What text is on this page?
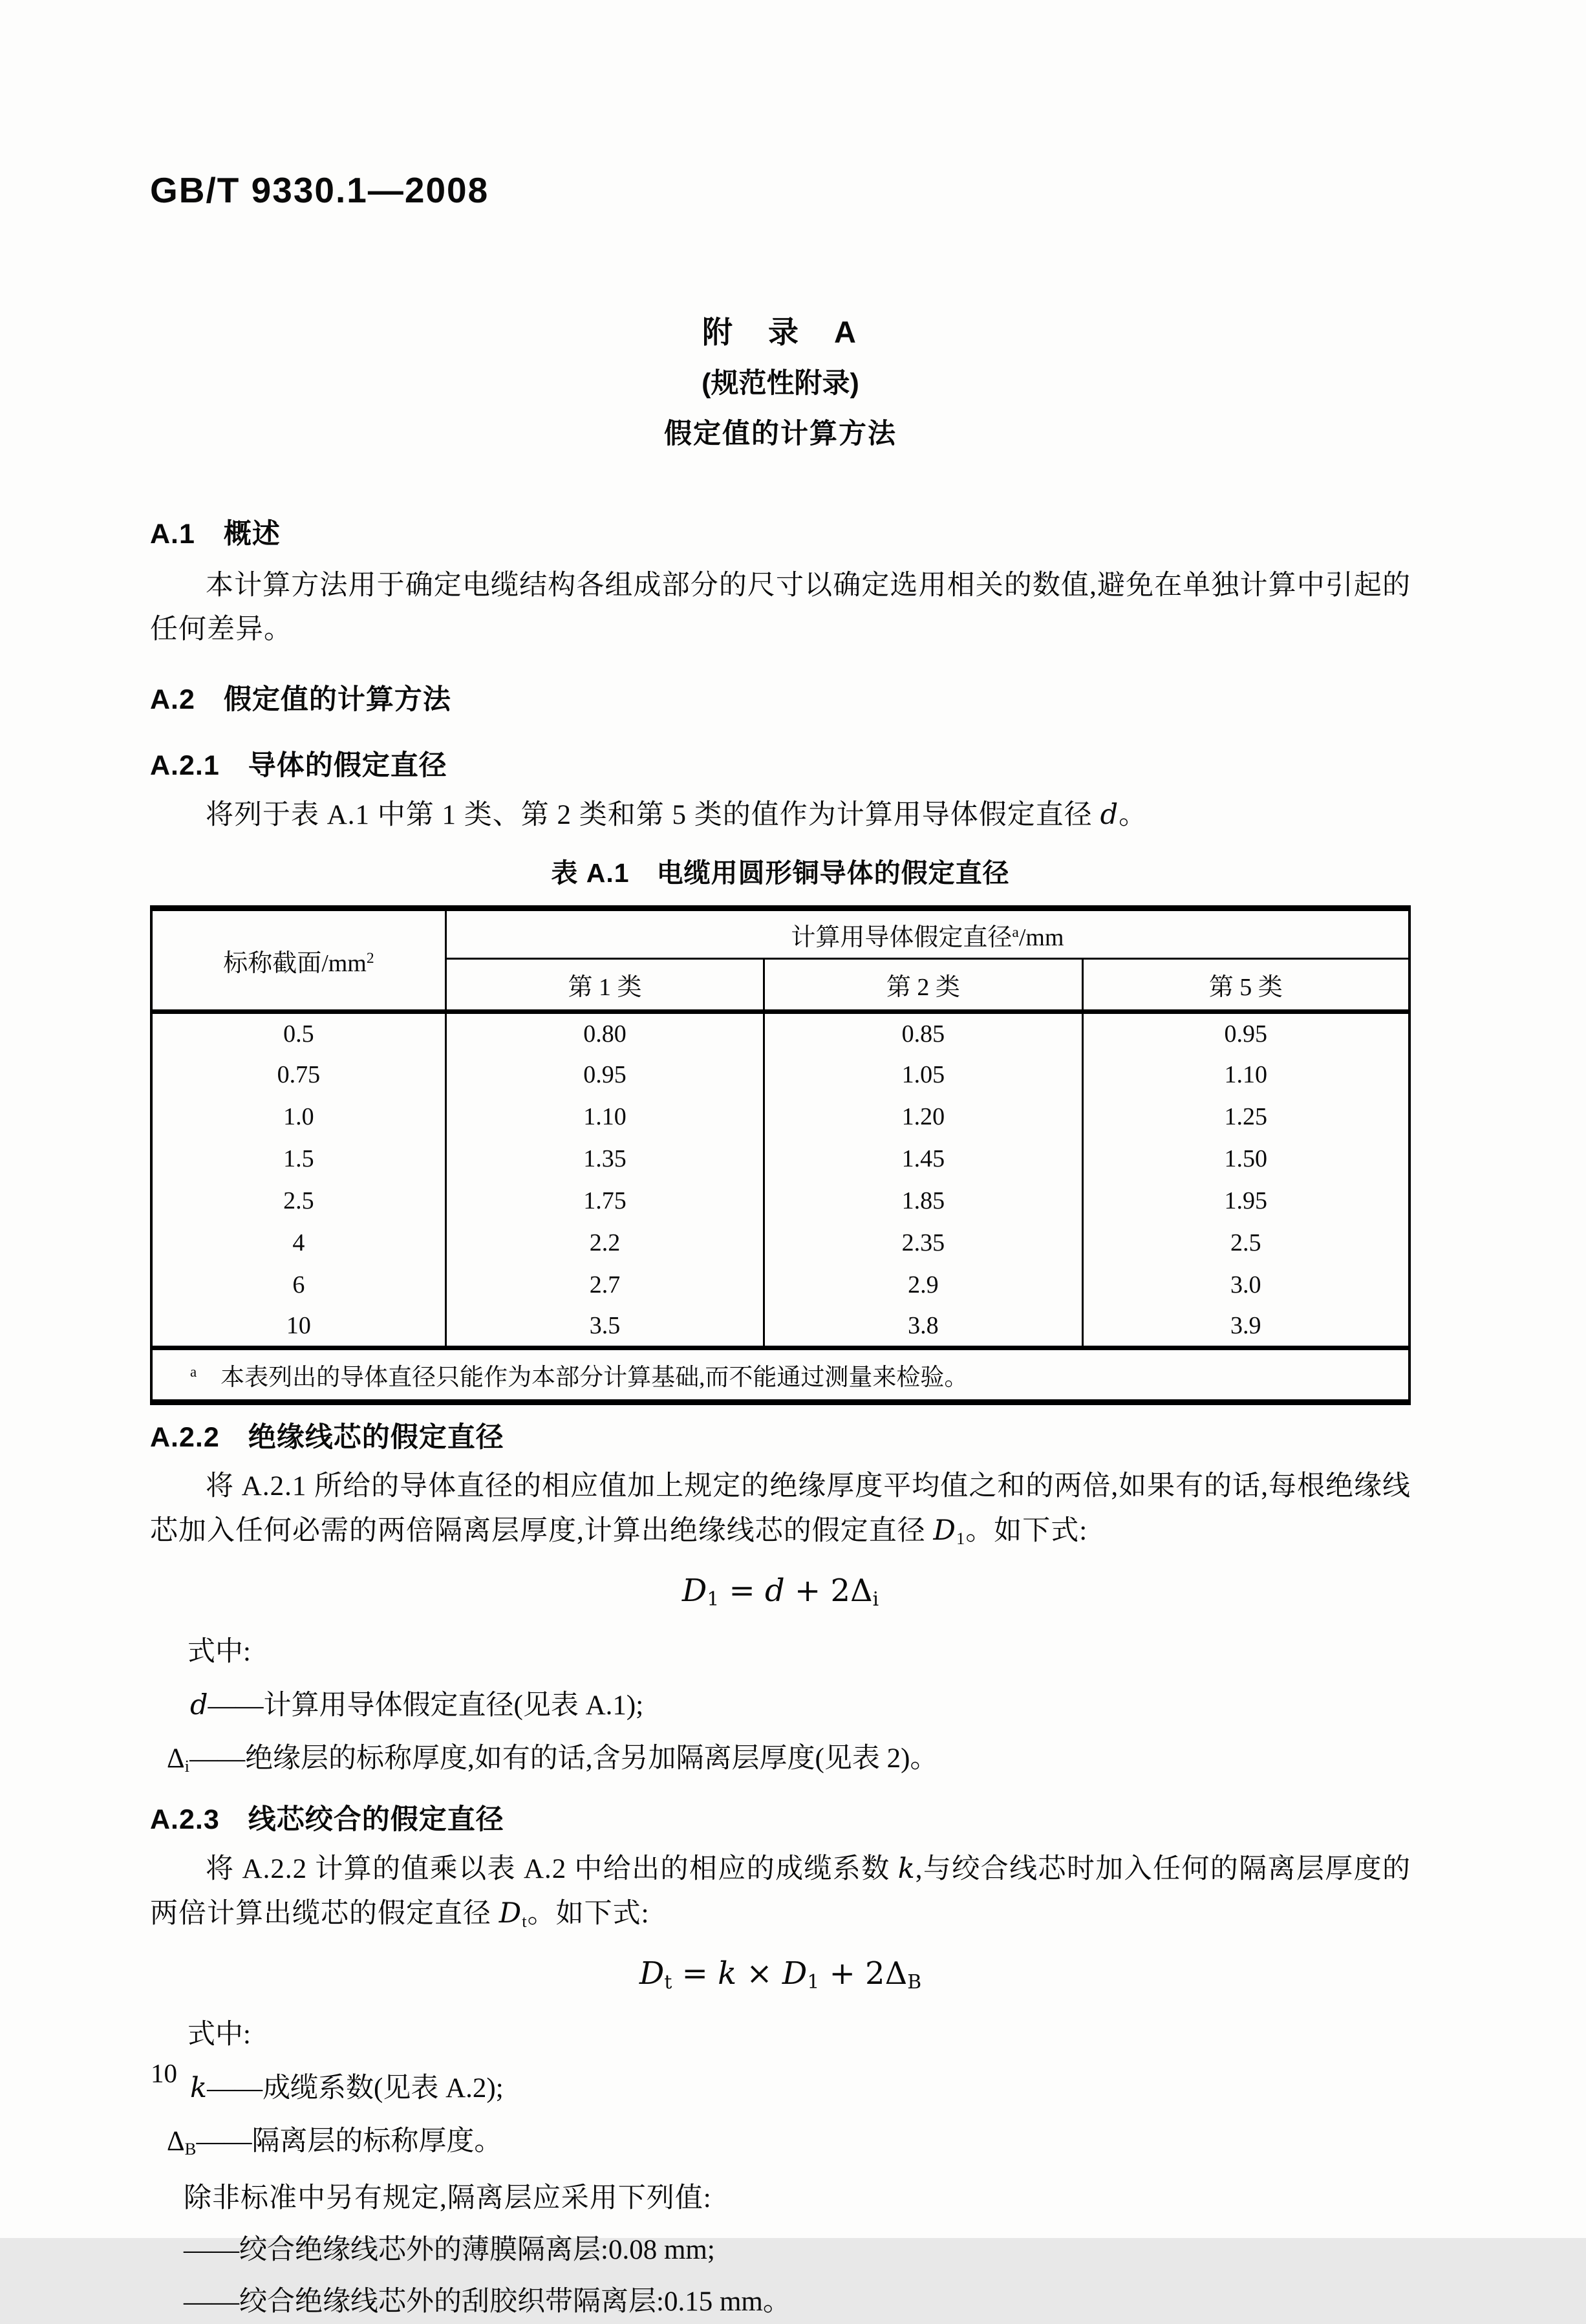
GB/T 9330.1—2008
附　录　A
(规范性附录)
假定值的计算方法
A.1　概述

本计算方法用于确定电缆结构各组成部分的尺寸以确定选用相关的数值,避免在单独计算中引起的任何差异。

A.2　假定值的计算方法
A.2.1　导体的假定直径

将列于表 A.1 中第 1 类、第 2 类和第 5 类的值作为计算用导体假定直径 d。

表 A.1　电缆用圆形铜导体的假定直径
标称截面$/mm^2$	计算用导体假定直径$^a$/mm		
	第 1 类	第 2 类	第 5 类
0.5	0.80	0.85	0.95
0.75	0.95	1.05	1.10
1.0	1.10	1.20	1.25
1.5	1.35	1.45	1.50
2.5	1.75	1.85	1.95
4	2.2	2.35	2.5
6	2.7	2.9	3.0
10	3.5	3.8	3.9
$^a$　本表列出的导体直径只能作为本部分计算基础,而不能通过测量来检验。			
A.2.2　绝缘线芯的假定直径

将 A.2.1 所给的导体直径的相应值加上规定的绝缘厚度平均值之和的两倍,如果有的话,每根绝缘线芯加入任何必需的两倍隔离层厚度,计算出绝缘线芯的假定直径 $D_1$。如下式:

$D_1 = d + 2\Delta_i$

式中:

d——计算用导体假定直径(见表 A.1);

$\Delta_i——$绝缘层的标称厚度,如有的话,含另加隔离层厚度(见表 2)。

A.2.3　线芯绞合的假定直径

将 A.2.2 计算的值乘以表 A.2 中给出的相应的成缆系数 k,与绞合线芯时加入任何的隔离层厚度的两倍计算出缆芯的假定直径 $D_t$。如下式:

$D_t = k \times D_1 + 2\Delta_B$

式中:

k——成缆系数(见表 A.2);

$\Delta_B——$隔离层的标称厚度。

除非标准中另有规定,隔离层应采用下列值:

——绞合绝缘线芯外的薄膜隔离层:0.08 mm;

——绞合绝缘线芯外的刮胶织带隔离层:0.15 mm。

10
